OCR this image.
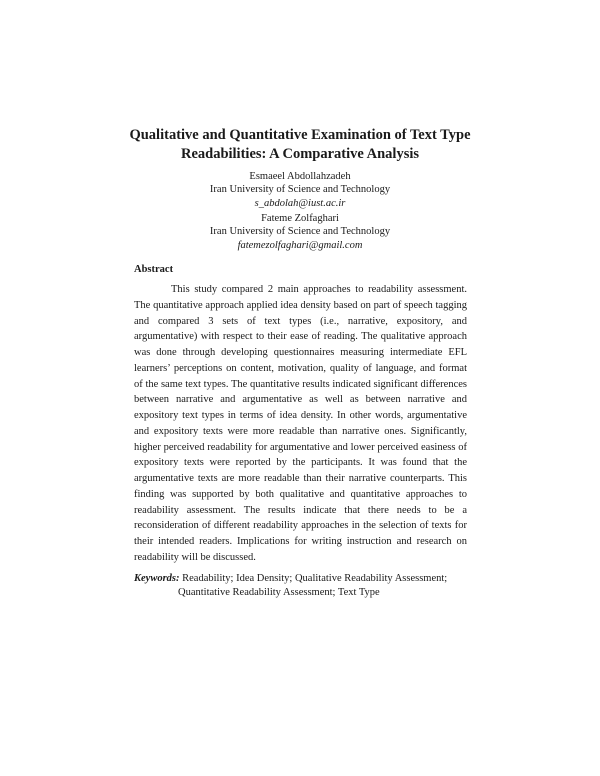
Qualitative and Quantitative Examination of Text Type
Readabilities: A Comparative Analysis
Esmaeel Abdollahzadeh
Iran University of Science and Technology
s_abdolah@iust.ac.ir
Fateme Zolfaghari
Iran University of Science and Technology
fatemezolfaghari@gmail.com
Abstract

This study compared 2 main approaches to readability assessment. The quantitative approach applied idea density based on part of speech tagging and compared 3 sets of text types (i.e., narrative, expository, and argumentative) with respect to their ease of reading. The qualitative approach was done through developing questionnaires measuring intermediate EFL learners’ perceptions on content, motivation, quality of language, and format of the same text types. The quantitative results indicated significant differences between narrative and argumentative as well as between narrative and expository text types in terms of idea density. In other words, argumentative and expository texts were more readable than narrative ones. Significantly, higher perceived readability for argumentative and lower perceived easiness of expository texts were reported by the participants. It was found that the argumentative texts are more readable than their narrative counterparts. This finding was supported by both qualitative and quantitative approaches to readability assessment. The results indicate that there needs to be a reconsideration of different readability approaches in the selection of texts for their intended readers. Implications for writing instruction and research on readability will be discussed.

Keywords: Readability; Idea Density; Qualitative Readability Assessment;
Quantitative Readability Assessment; Text Type
